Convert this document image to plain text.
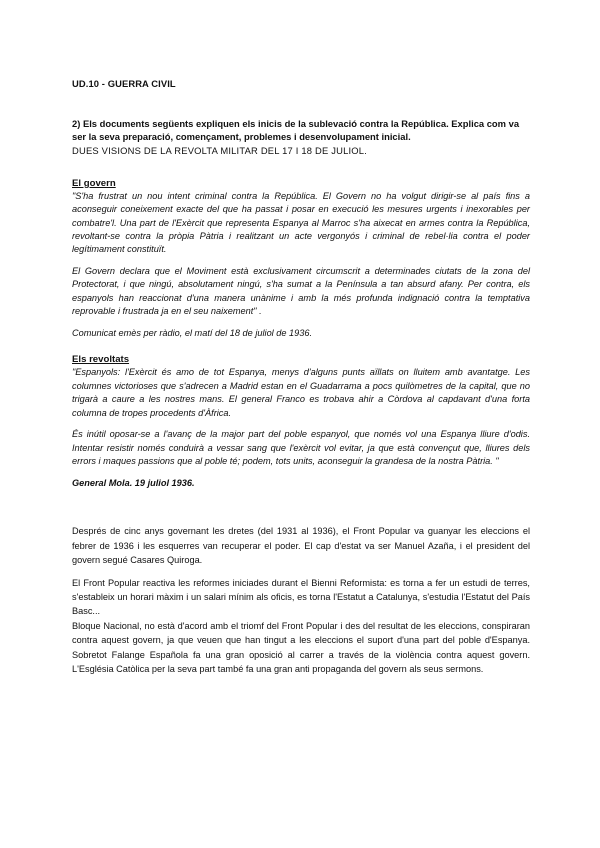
UD.10 - GUERRA CIVIL

2) Els documents següents expliquen els inicis de la sublevació contra la República. Explica com va ser la seva preparació, començament, problemes i desenvolupament inicial.

DUES VISIONS DE LA REVOLTA MILITAR DEL 17 I 18 DE JULIOL.

El govern

"S'ha frustrat un nou intent criminal contra la República. El Govern no ha volgut dirigir-se al país fins a aconseguir coneixement exacte del que ha passat i posar en execució les mesures urgents i inexorables per combatre'l. Una part de l'Exèrcit que representa Espanya al Marroc s'ha aixecat en armes contra la República, revoltant-se contra la pròpia Pàtria i realitzant un acte vergonyós i criminal de rebel·lia contra el poder legítimament constituït.

El Govern declara que el Moviment està exclusivament circumscrit a determinades ciutats de la zona del Protectorat, i que ningú, absolutament ningú, s'ha sumat a la Península a tan absurd afany. Per contra, els espanyols han reaccionat d'una manera unànime i amb la més profunda indignació contra la temptativa reprovable i frustrada ja en el seu naixement" .

Comunicat emès per ràdio, el matí del 18 de juliol de 1936.

Els revoltats

"Espanyols: l'Exèrcit és amo de tot Espanya, menys d'alguns punts aïllats on lluitem amb avantatge. Les columnes victorioses que s'adrecen a Madrid estan en el Guadarrama a pocs quilòmetres de la capital, que no trigarà a caure a les nostres mans. El general Franco es trobava ahir a Còrdova al capdavant d'una forta columna de tropes procedents d'Àfrica.

És inútil oposar-se a l'avanç de la major part del poble espanyol, que només vol una Espanya lliure d'odis. Intentar resistir només conduirà a vessar sang que l'exèrcit vol evitar, ja que està convençut que, lliures dels errors i maques passions que al poble té; podem, tots units, aconseguir la grandesa de la nostra Pàtria. "

General Mola. 19 juliol 1936.

Després de cinc anys governant les dretes (del 1931 al 1936), el Front Popular va guanyar les eleccions el febrer de 1936 i les esquerres van recuperar el poder. El cap d'estat va ser Manuel Azaña, i el president del govern segué Casares Quiroga.

El Front Popular reactiva les reformes iniciades durant el Bienni Reformista: es torna a fer un estudi de terres, s'estableix un horari màxim i un salari mínim als oficis, es torna l'Estatut a Catalunya, s'estudia l'Estatut del País Basc...

Bloque Nacional, no està d'acord amb el triomf del Front Popular i des del resultat de les eleccions, conspiraran contra aquest govern, ja que veuen que han tingut a les eleccions el suport d'una part del poble d'Espanya. Sobretot Falange Española fa una gran oposició al carrer a través de la violència contra aquest govern. L'Església Catòlica per la seva part també fa una gran anti propaganda del govern als seus sermons.
